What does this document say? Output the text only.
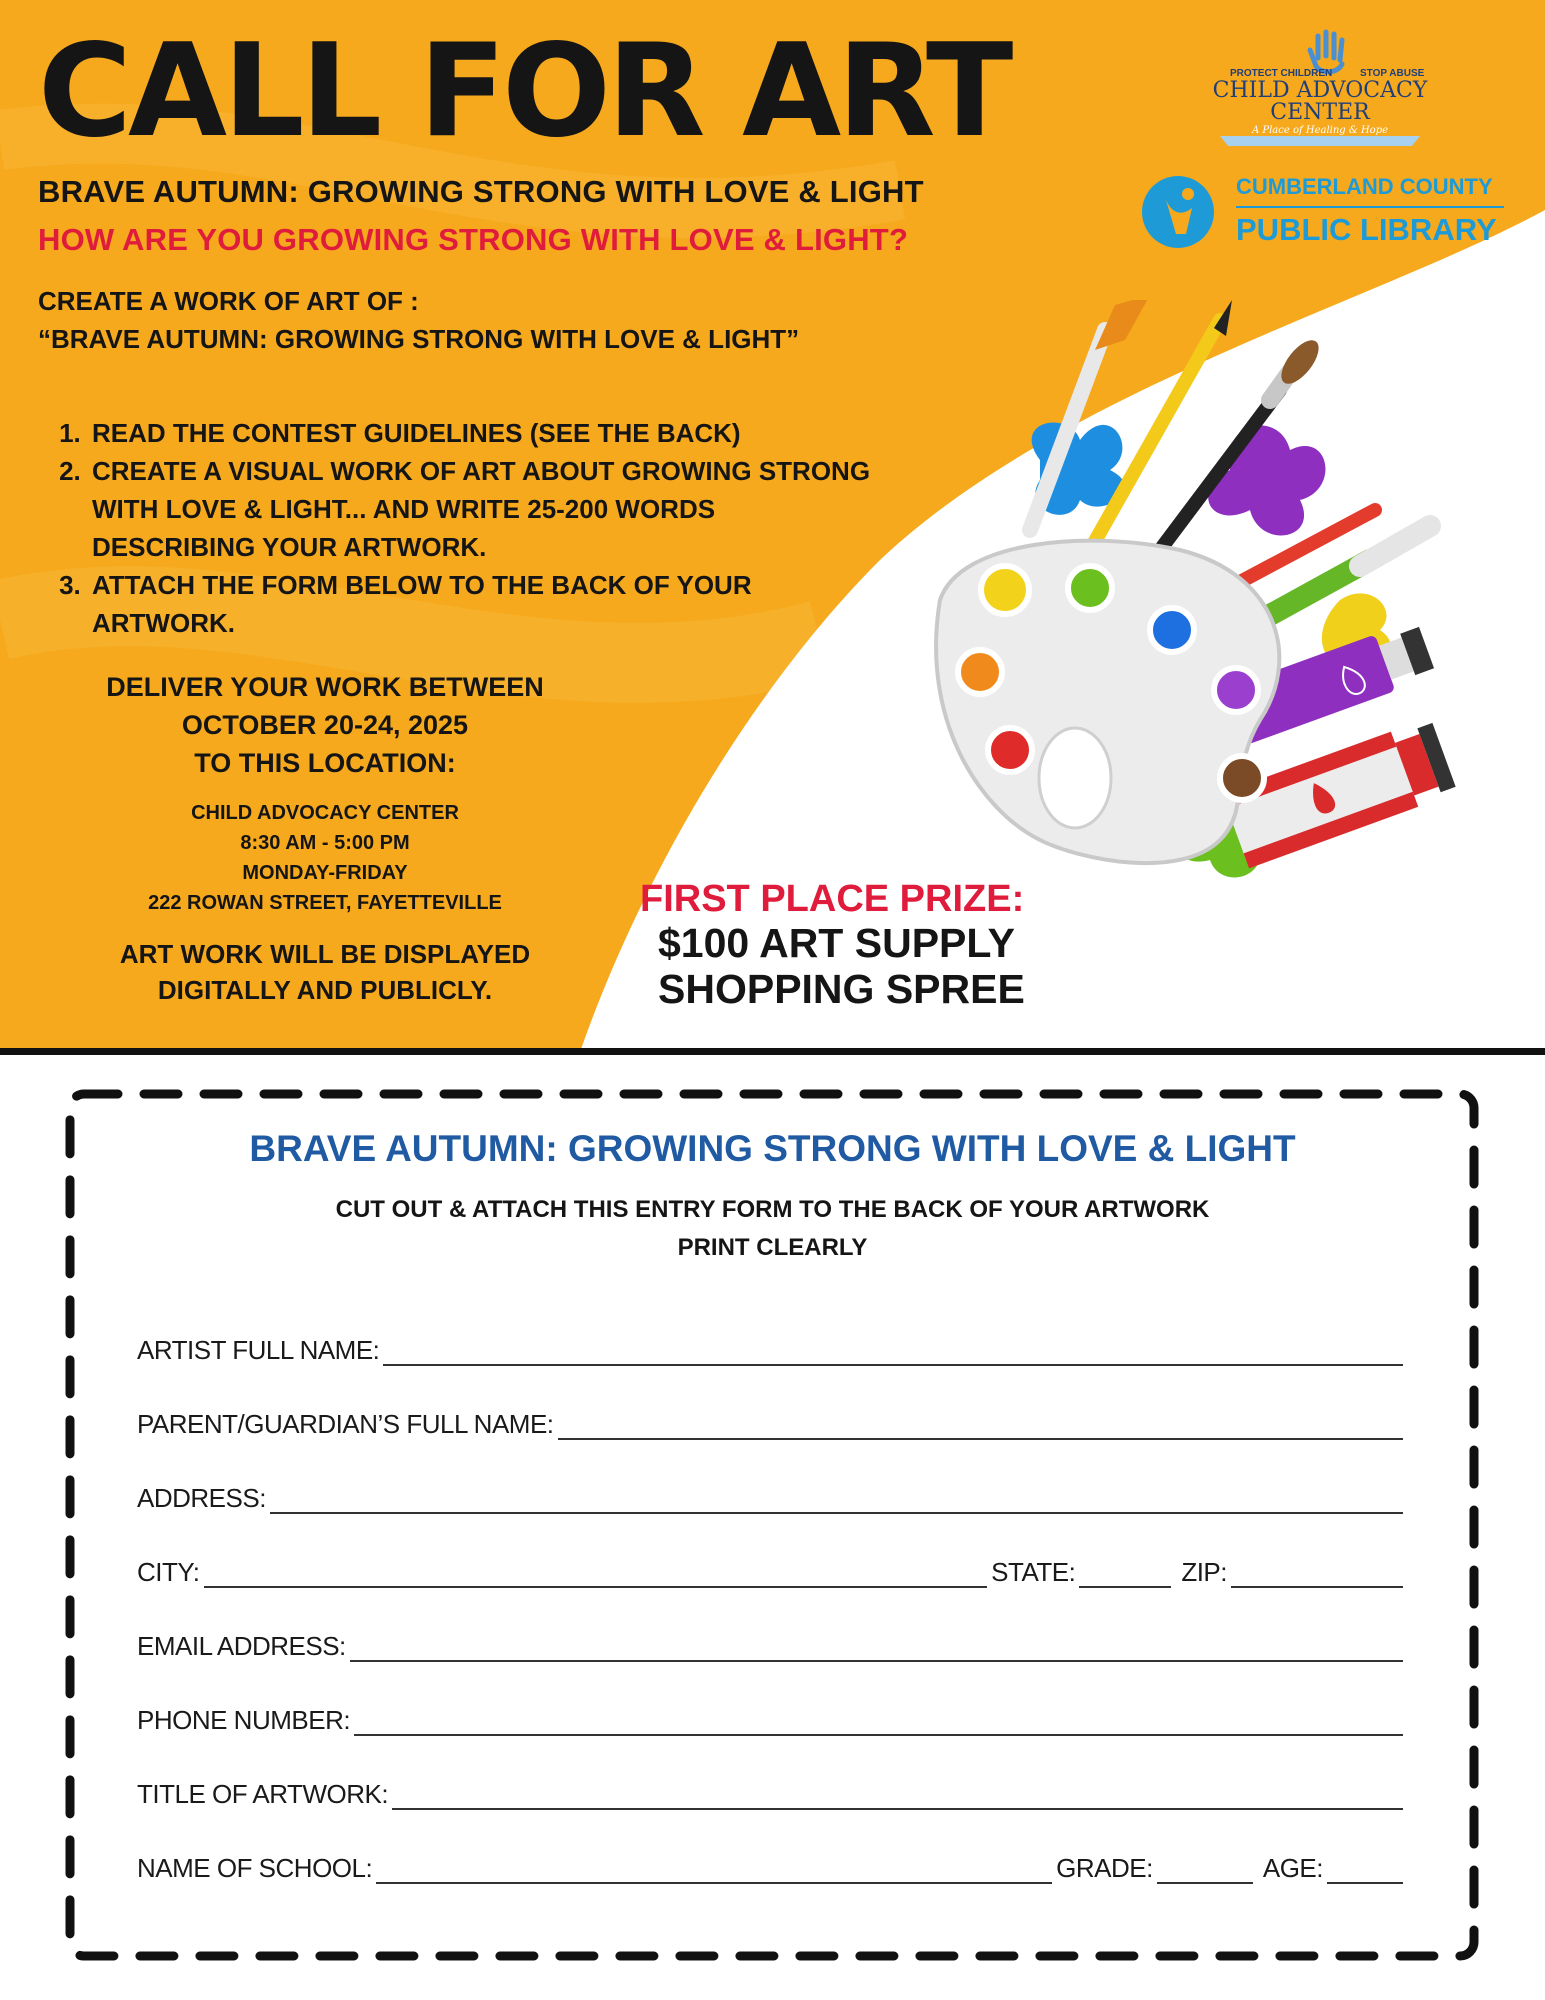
CALL FOR ART
BRAVE AUTUMN: GROWING STRONG WITH LOVE & LIGHT
HOW ARE YOU GROWING STRONG WITH LOVE & LIGHT?
CREATE A WORK OF ART OF :
“BRAVE AUTUMN: GROWING STRONG WITH LOVE & LIGHT”
1. READ THE CONTEST GUIDELINES (SEE THE BACK)
2. CREATE A VISUAL WORK OF ART ABOUT GROWING STRONG WITH LOVE & LIGHT... AND WRITE 25-200 WORDS DESCRIBING YOUR ARTWORK.
3. ATTACH THE FORM BELOW TO THE BACK OF YOUR ARTWORK.
DELIVER YOUR WORK BETWEEN
OCTOBER 20-24, 2025
TO THIS LOCATION:
CHILD ADVOCACY CENTER
8:30 AM - 5:00 PM
MONDAY-FRIDAY
222 ROWAN STREET, FAYETTEVILLE
ART WORK WILL BE DISPLAYED
DIGITALLY AND PUBLICLY.
FIRST PLACE PRIZE:
$100 ART SUPPLY
SHOPPING SPREE
PROTECT CHILDREN	STOP ABUSE
CHILD ADVOCACY
CENTER
A Place of Healing & Hope
CUMBERLAND COUNTY
PUBLIC LIBRARY
BRAVE AUTUMN: GROWING STRONG WITH LOVE & LIGHT
CUT OUT & ATTACH THIS ENTRY FORM TO THE BACK OF YOUR ARTWORK
PRINT CLEARLY
ARTIST FULL NAME:
PARENT/GUARDIAN’S FULL NAME:
ADDRESS:
CITY:	STATE:	ZIP:
EMAIL ADDRESS:
PHONE NUMBER:
TITLE OF ARTWORK:
NAME OF SCHOOL:	GRADE:	AGE:
